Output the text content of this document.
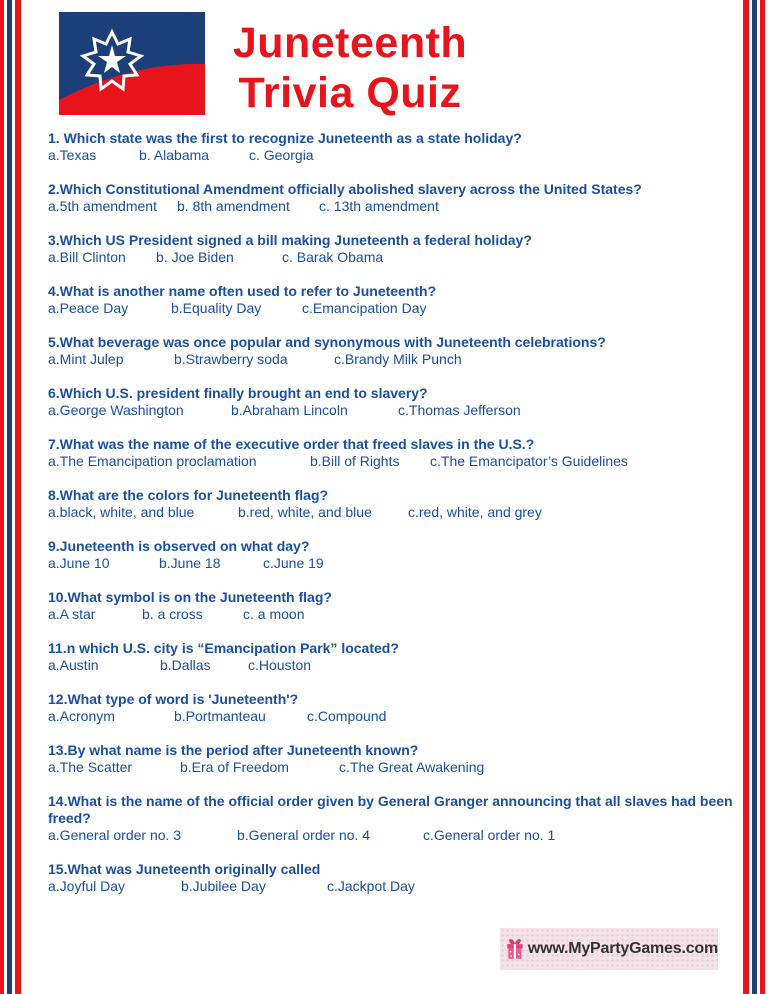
Juneteenth
Trivia Quiz
1. Which state was the first to recognize Juneteenth as a state holiday?
a.Texas	b. Alabama	c. Georgia
2.Which Constitutional Amendment officially abolished slavery across the United States?
a.5th amendment	b. 8th amendment	c. 13th amendment
3.Which US President signed a bill making Juneteenth a federal holiday?
a.Bill Clinton	b. Joe Biden	c. Barak Obama
4.What is another name often used to refer to Juneteenth?
a.Peace Day	b.Equality Day	c.Emancipation Day
5.What beverage was once popular and synonymous with Juneteenth celebrations?
a.Mint Julep	b.Strawberry soda	c.Brandy Milk Punch
6.Which U.S. president finally brought an end to slavery?
a.George Washington	b.Abraham Lincoln	c.Thomas Jefferson
7.What was the name of the executive order that freed slaves in the U.S.?
a.The Emancipation proclamation	b.Bill of Rights	c.The Emancipator’s Guidelines
8.What are the colors for Juneteenth flag?
a.black, white, and blue	b.red, white, and blue	c.red, white, and grey
9.Juneteenth is observed on what day?
a.June 10	b.June 18	c.June 19
10.What symbol is on the Juneteenth flag?
a.A star	b. a cross	c. a moon
11.n which U.S. city is “Emancipation Park” located?
a.Austin	b.Dallas	c.Houston
12.What type of word is 'Juneteenth'?
a.Acronym	b.Portmanteau	c.Compound
13.By what name is the period after Juneteenth known?
a.The Scatter	b.Era of Freedom	c.The Great Awakening
14.What is the name of the official order given by General Granger announcing that all slaves had been freed?
a.General order no. 3	b.General order no. 4	c.General order no. 1
15.What was Juneteenth originally called
a.Joyful Day	b.Jubilee Day	c.Jackpot Day
www.MyPartyGames.com
